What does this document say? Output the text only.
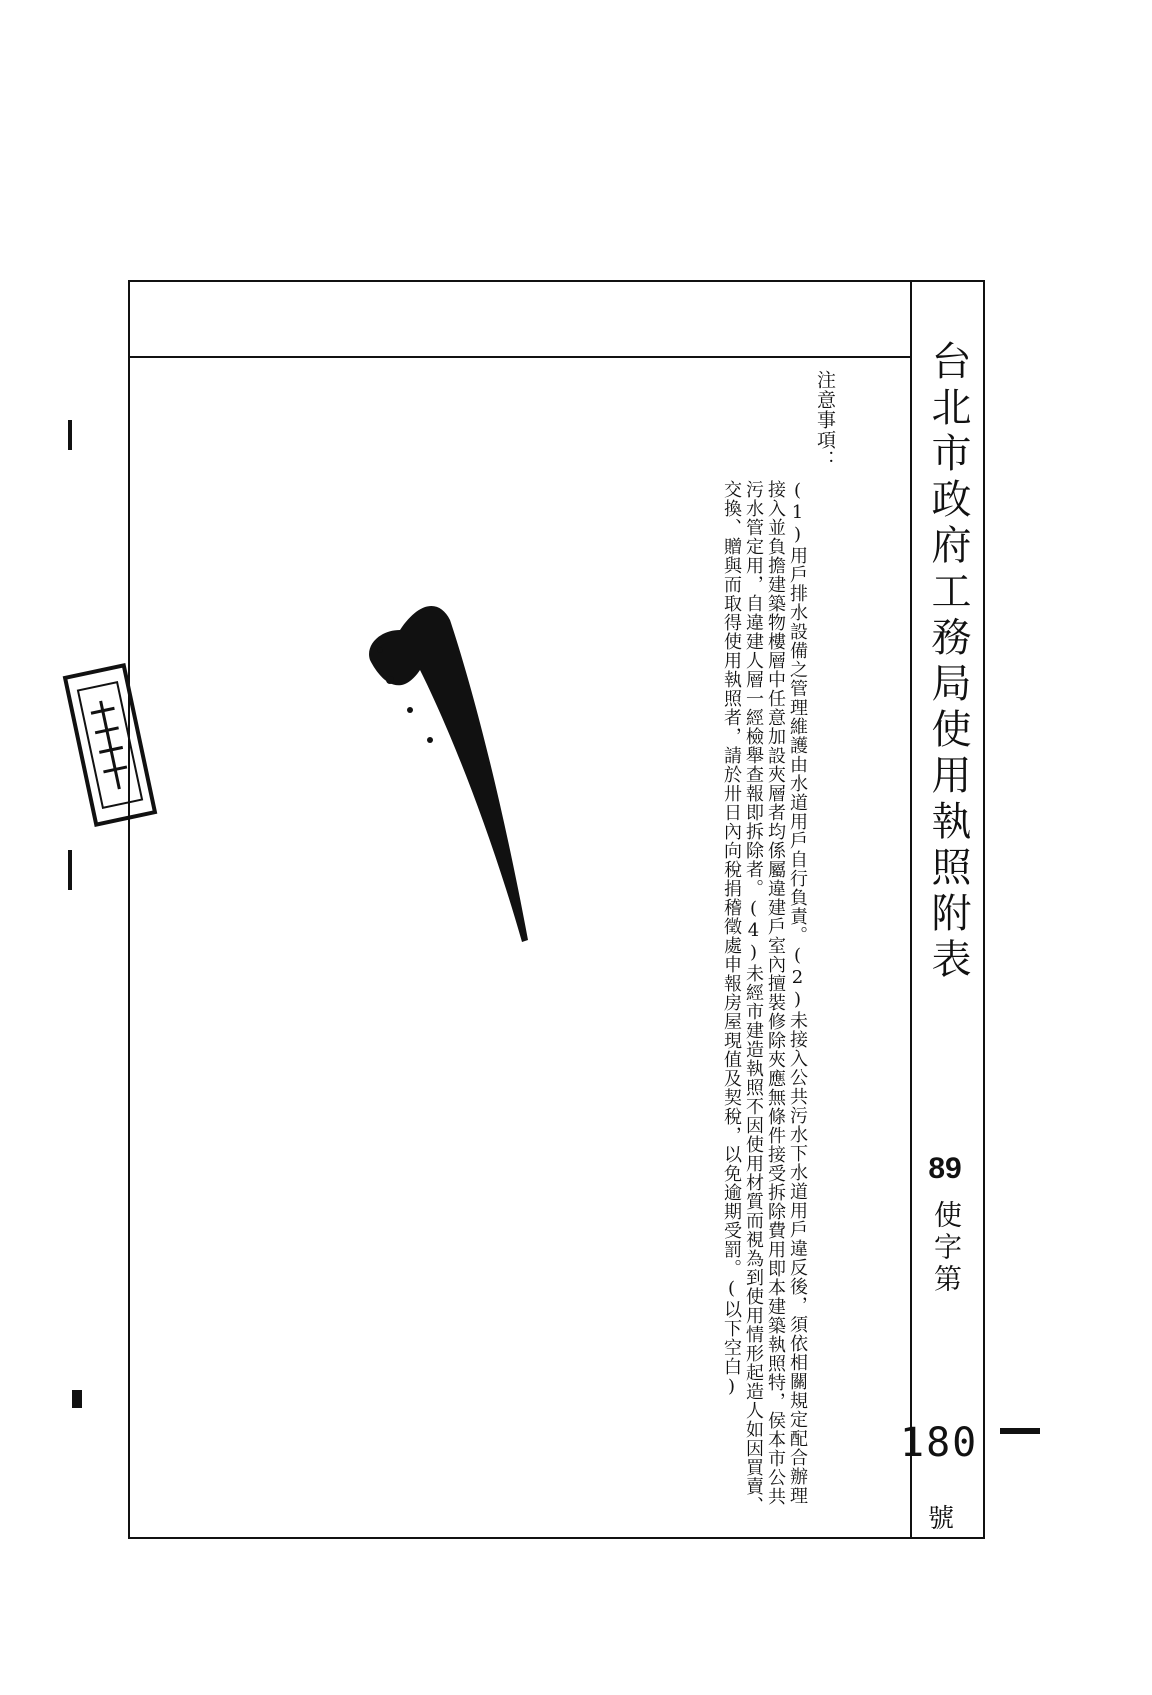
台北市政府工務局使用執照附表
89
使字第
180
號
注意事項：
(1)用戶排水設備之管理維護由水道用戶自行負責。(2)未接入公共污水下水道用戶違反後，須依相關規定配合辦理接入並負擔建築物樓層中任意加設夾層者均係屬違建戶室內擅裝修除夾應無條件接受拆除費用即本建築執照特，侯本市公共污水管定用，自違建人層一經檢舉查報即拆除者。(4)未經市建造執照不因使用材質而視為到使用情形起造人如因買賣、交換、贈與而取得使用執照者，請於卅日內向稅捐稽徵處申報房屋現值及契稅，以免逾期受罰。(以下空白)
